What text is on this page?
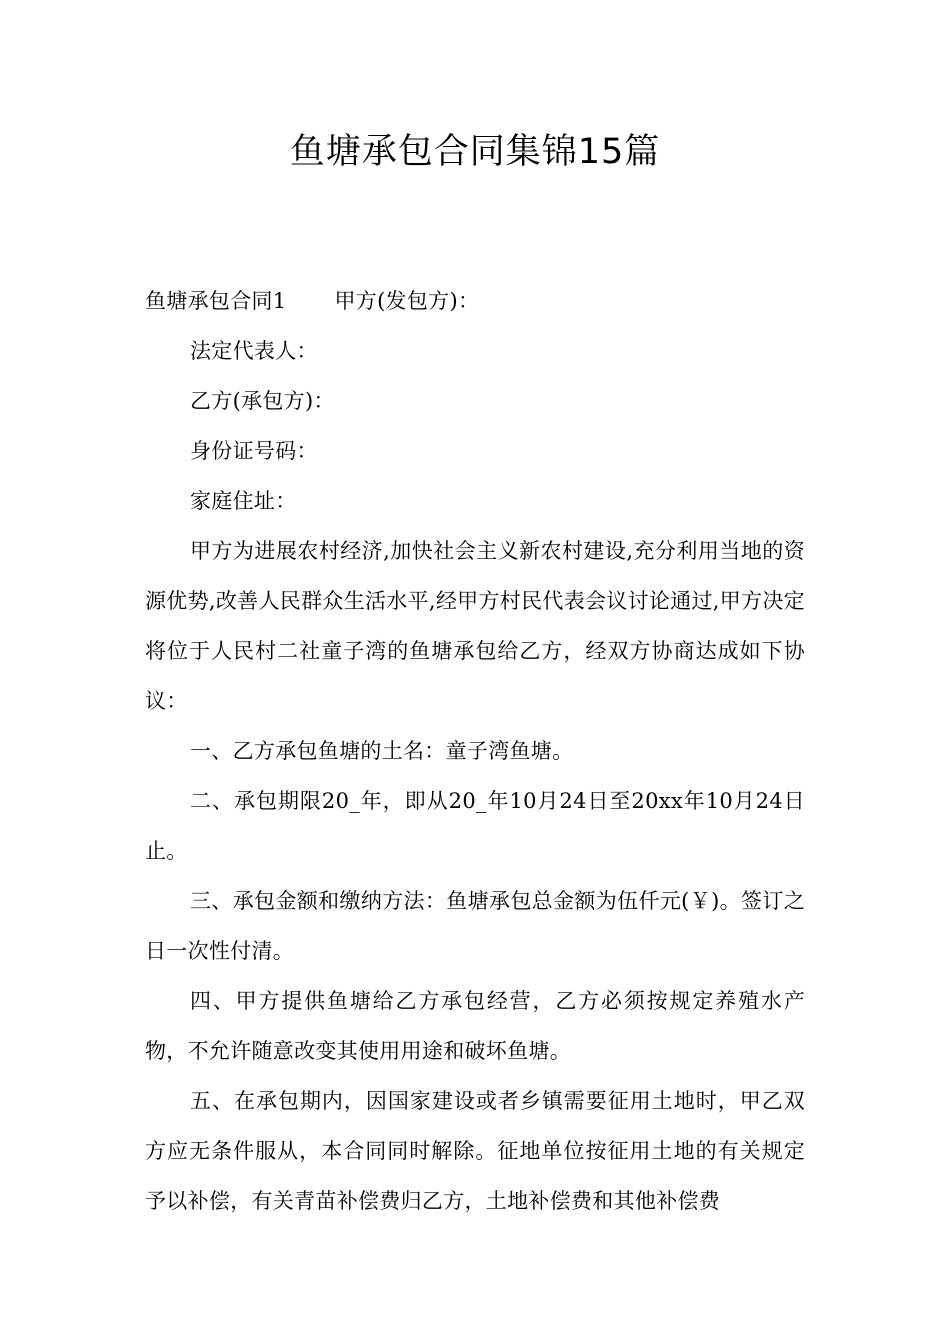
鱼塘承包合同集锦15篇

鱼塘承包合同1 甲方(发包方)：

法定代表人：

乙方(承包方)：

身份证号码：

家庭住址：

甲方为进展农村经济,加快社会主义新农村建设,充分利用当地的资源优势,改善人民群众生活水平,经甲方村民代表会议讨论通过,甲方决定将位于人民村二社童子湾的鱼塘承包给乙方，经双方协商达成如下协议：

一、乙方承包鱼塘的土名：童子湾鱼塘。

二、承包期限20_年，即从20_年10月24日至20xx年10月24日止。

三、承包金额和缴纳方法：鱼塘承包总金额为伍仟元(￥)。签订之日一次性付清。

四、甲方提供鱼塘给乙方承包经营，乙方必须按规定养殖水产物，不允许随意改变其使用用途和破坏鱼塘。

五、在承包期内，因国家建设或者乡镇需要征用土地时，甲乙双方应无条件服从，本合同同时解除。征地单位按征用土地的有关规定予以补偿，有关青苗补偿费归乙方，土地补偿费和其他补偿费
